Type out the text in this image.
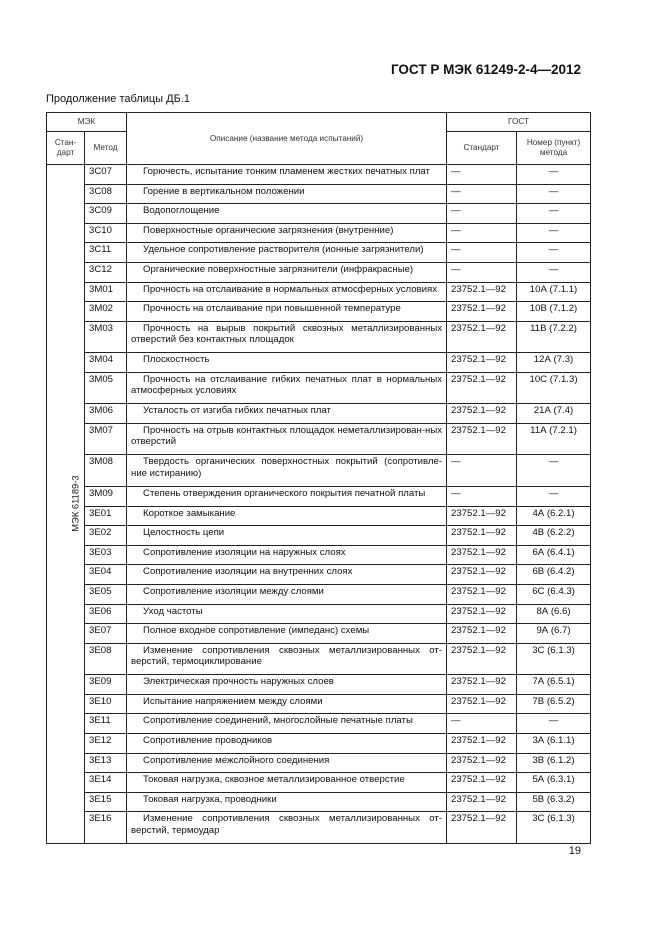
ГОСТ Р МЭК 61249-2-4—2012
Продолжение таблицы ДБ.1
МЭК		Описание (название метода испытаний)	ГОСТ	
Стан-дарт	Метод		Стандарт	Номер (пункт) метода
МЭК 61189-3	3С07	Горючесть, испытание тонким пламенем жестких печатных плат	—	—
	3С08	Горение в вертикальном положении	—	—
	3С09	Водопоглощение	—	—
	3С10	Поверхностные органические загрязнения (внутренние)	—	—
	3С11	Удельное сопротивление растворителя (ионные загрязнители)	—	—
	3С12	Органические поверхностные загрязнители (инфракрасные)	—	—
	3М01	Прочность на отслаивание в нормальных атмосферных условиях	23752.1—92	10А (7.1.1)
	3М02	Прочность на отслаивание при повышенной температуре	23752.1—92	10В (7.1.2)
	3М03	Прочность на вырыв покрытий сквозных металлизированных отверстий без контактных площадок	23752.1—92	11В (7.2.2)
	3М04	Плоскостность	23752.1—92	12А (7.3)
	3М05	Прочность на отслаивание гибких печатных плат в нормальных атмосферных условиях	23752.1—92	10С (7.1.3)
	3М06	Усталость от изгиба гибких печатных плат	23752.1—92	21А (7.4)
	3М07	Прочность на отрыв контактных площадок неметаллизирован-ных отверстий	23752.1—92	11А (7.2.1)
	3М08	Твердость органических поверхностных покрытий (сопротивле-ние истиранию)	—	—
	3М09	Степень отверждения органического покрытия печатной платы	—	—
	3Е01	Короткое замыкание	23752.1—92	4А (6.2.1)
	3Е02	Целостность цепи	23752.1—92	4В (6.2.2)
	3Е03	Сопротивление изоляции на наружных слоях	23752.1—92	6А (6.4.1)
	3Е04	Сопротивление изоляции на внутренних слоях	23752.1—92	6В (6.4.2)
	3Е05	Сопротивление изоляции между слоями	23752.1—92	6С (6.4.3)
	3Е06	Уход частоты	23752.1—92	8А (6.6)
	3Е07	Полное входное сопротивление (импеданс) схемы	23752.1—92	9А (6.7)
	3Е08	Изменение сопротивления сквозных металлизированных от-верстий, термоциклирование	23752.1—92	3С (6.1.3)
	3Е09	Электрическая прочность наружных слоев	23752.1—92	7А (6.5.1)
	3Е10	Испытание напряжением между слоями	23752.1—92	7В (6.5.2)
	3Е11	Сопротивление соединений, многослойные печатные платы	—	—
	3Е12	Сопротивление проводников	23752.1—92	3А (6.1.1)
	3Е13	Сопротивление межслойного соединения	23752.1—92	3В (6.1.2)
	3Е14	Токовая нагрузка, сквозное металлизированное отверстие	23752.1—92	5А (6.3.1)
	3Е15	Токовая нагрузка, проводники	23752.1—92	5В (6.3.2)
	3Е16	Изменение сопротивления сквозных металлизированных от-верстий, термоудар	23752.1—92	3С (6.1.3)
19
